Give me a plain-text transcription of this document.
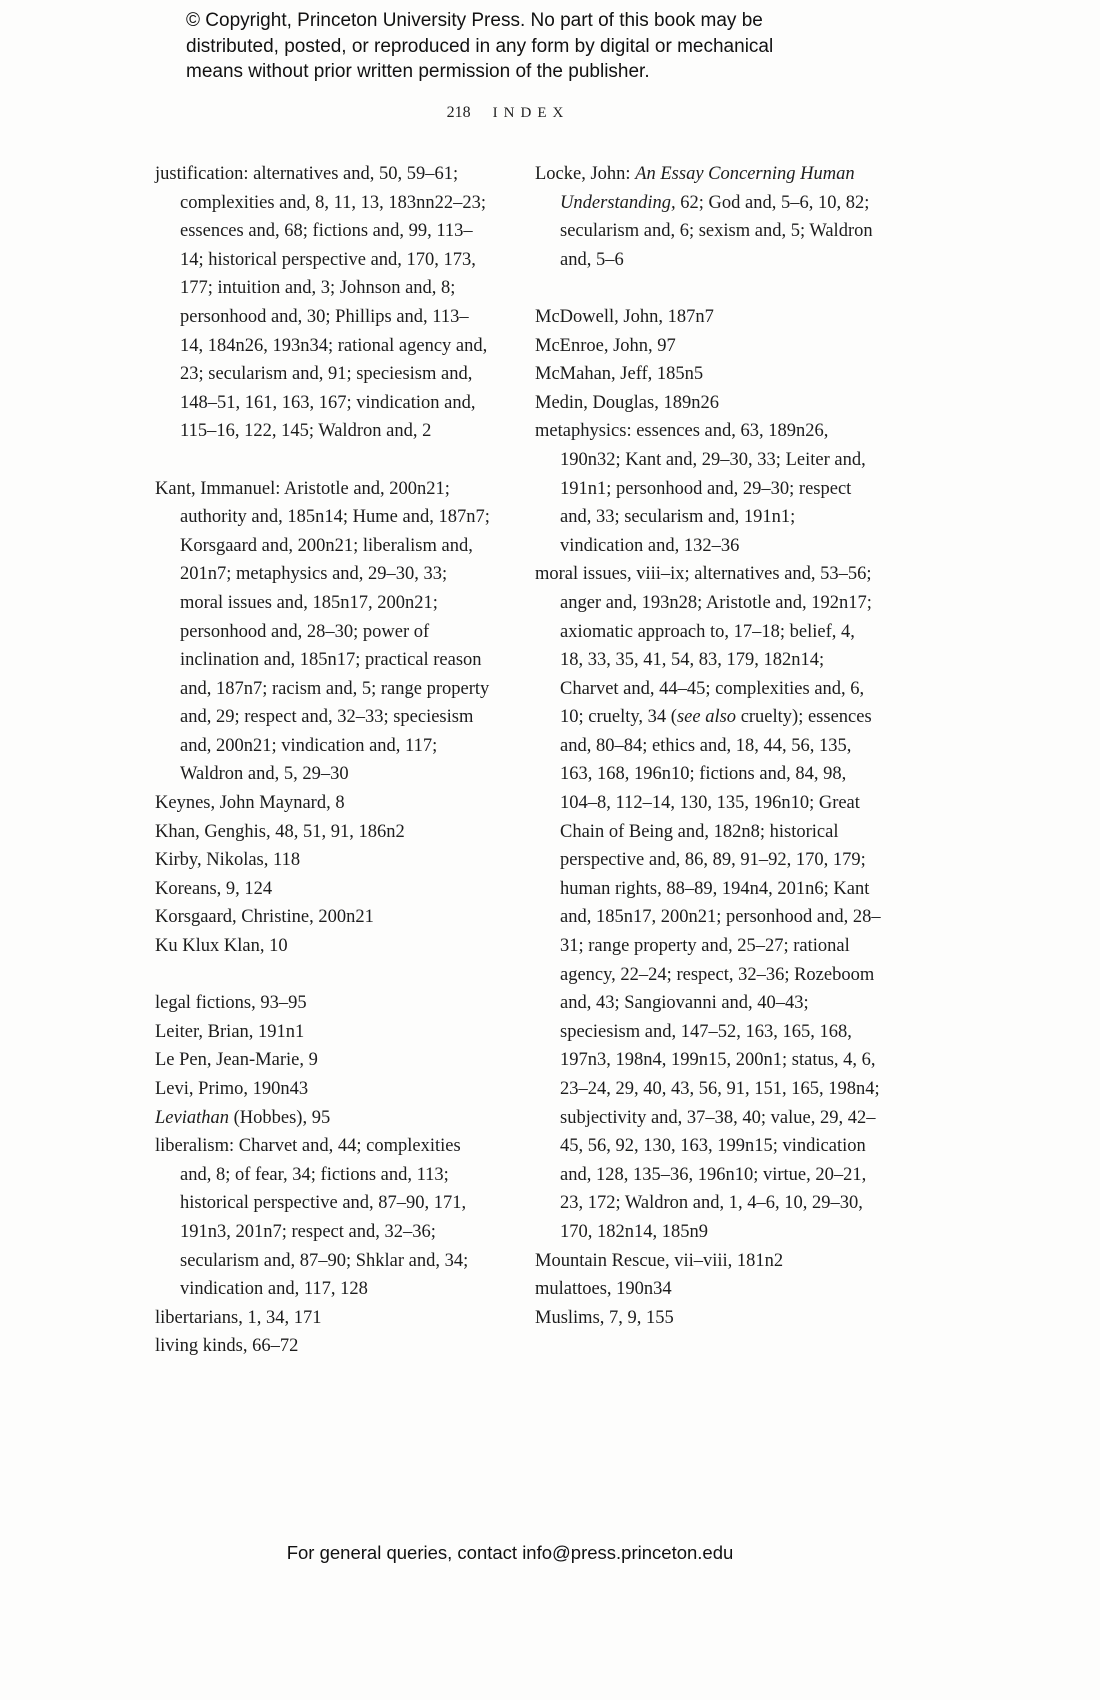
© Copyright, Princeton University Press. No part of this book may be
distributed, posted, or reproduced in any form by digital or mechanical
means without prior written permission of the publisher.
218 INDEX

justification: alternatives and, 50, 59–61; complexities and, 8, 11, 13, 183nn22–23; essences and, 68; fictions and, 99, 113–14; historical perspective and, 170, 173, 177; intuition and, 3; Johnson and, 8; personhood and, 30; Phillips and, 113–14, 184n26, 193n34; rational agency and, 23; secularism and, 91; speciesism and, 148–51, 161, 163, 167; vindication and, 115–16, 122, 145; Waldron and, 2

Kant, Immanuel: Aristotle and, 200n21; authority and, 185n14; Hume and, 187n7; Korsgaard and, 200n21; liberalism and, 201n7; metaphysics and, 29–30, 33; moral issues and, 185n17, 200n21; personhood and, 28–30; power of inclination and, 185n17; practical reason and, 187n7; racism and, 5; range property and, 29; respect and, 32–33; speciesism and, 200n21; vindication and, 117; Waldron and, 5, 29–30

Keynes, John Maynard, 8

Khan, Genghis, 48, 51, 91, 186n2

Kirby, Nikolas, 118

Koreans, 9, 124

Korsgaard, Christine, 200n21

Ku Klux Klan, 10

legal fictions, 93–95

Leiter, Brian, 191n1

Le Pen, Jean-Marie, 9

Levi, Primo, 190n43

Leviathan (Hobbes), 95

liberalism: Charvet and, 44; complexities and, 8; of fear, 34; fictions and, 113; historical perspective and, 87–90, 171, 191n3, 201n7; respect and, 32–36; secularism and, 87–90; Shklar and, 34; vindication and, 117, 128

libertarians, 1, 34, 171

living kinds, 66–72

Locke, John: An Essay Concerning Human Understanding, 62; God and, 5–6, 10, 82; secularism and, 6; sexism and, 5; Waldron and, 5–6

McDowell, John, 187n7

McEnroe, John, 97

McMahan, Jeff, 185n5

Medin, Douglas, 189n26

metaphysics: essences and, 63, 189n26, 190n32; Kant and, 29–30, 33; Leiter and, 191n1; personhood and, 29–30; respect and, 33; secularism and, 191n1; vindication and, 132–36

moral issues, viii–ix; alternatives and, 53–56; anger and, 193n28; Aristotle and, 192n17; axiomatic approach to, 17–18; belief, 4, 18, 33, 35, 41, 54, 83, 179, 182n14; Charvet and, 44–45; complexities and, 6, 10; cruelty, 34 (see also cruelty); essences and, 80–84; ethics and, 18, 44, 56, 135, 163, 168, 196n10; fictions and, 84, 98, 104–8, 112–14, 130, 135, 196n10; Great Chain of Being and, 182n8; historical perspective and, 86, 89, 91–92, 170, 179; human rights, 88–89, 194n4, 201n6; Kant and, 185n17, 200n21; personhood and, 28–31; range property and, 25–27; rational agency, 22–24; respect, 32–36; Rozeboom and, 43; Sangiovanni and, 40–43; speciesism and, 147–52, 163, 165, 168, 197n3, 198n4, 199n15, 200n1; status, 4, 6, 23–24, 29, 40, 43, 56, 91, 151, 165, 198n4; subjectivity and, 37–38, 40; value, 29, 42–45, 56, 92, 130, 163, 199n15; vindication and, 128, 135–36, 196n10; virtue, 20–21, 23, 172; Waldron and, 1, 4–6, 10, 29–30, 170, 182n14, 185n9

Mountain Rescue, vii–viii, 181n2

mulattoes, 190n34

Muslims, 7, 9, 155

For general queries, contact info@press.princeton.edu
